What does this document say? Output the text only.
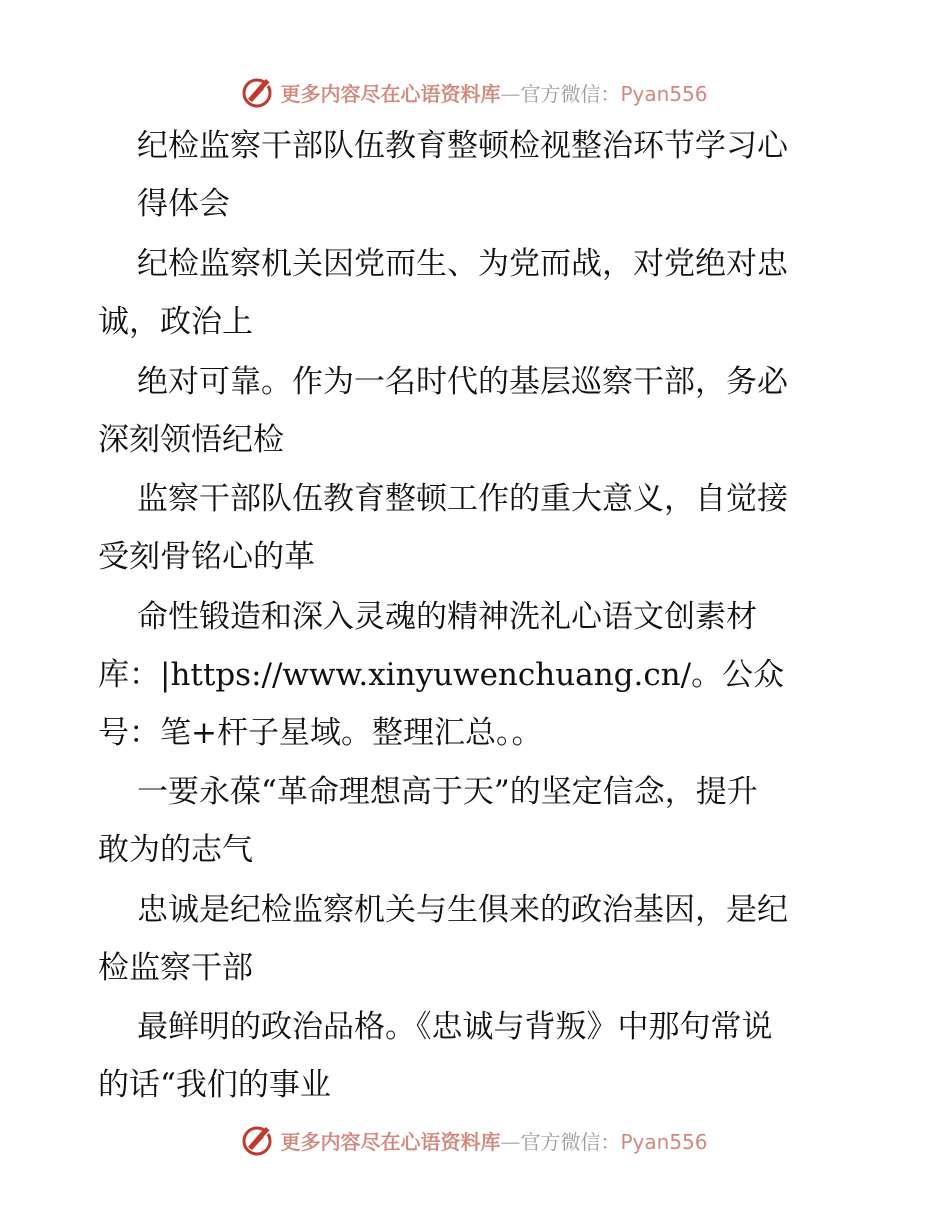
更多内容尽在心语资料库—官方微信：Pyan556
纪检监察干部队伍教育整顿检视整治环节学习心
得体会
纪检监察机关因党而生、为党而战，对党绝对忠
诚，政治上
绝对可靠。作为一名时代的基层巡察干部，务必
深刻领悟纪检
监察干部队伍教育整顿工作的重大意义，自觉接
受刻骨铭心的革
命性锻造和深入灵魂的精神洗礼心语文创素材
库：|https://www.xinyuwenchuang.cn/。公众
号：笔+杆子星域。整理汇总。。
一要永葆“革命理想高于天”的坚定信念，提升
敢为的志气
忠诚是纪检监察机关与生俱来的政治基因，是纪
检监察干部
最鲜明的政治品格。《忠诚与背叛》中那句常说
的话“我们的事业
更多内容尽在心语资料库—官方微信：Pyan556
